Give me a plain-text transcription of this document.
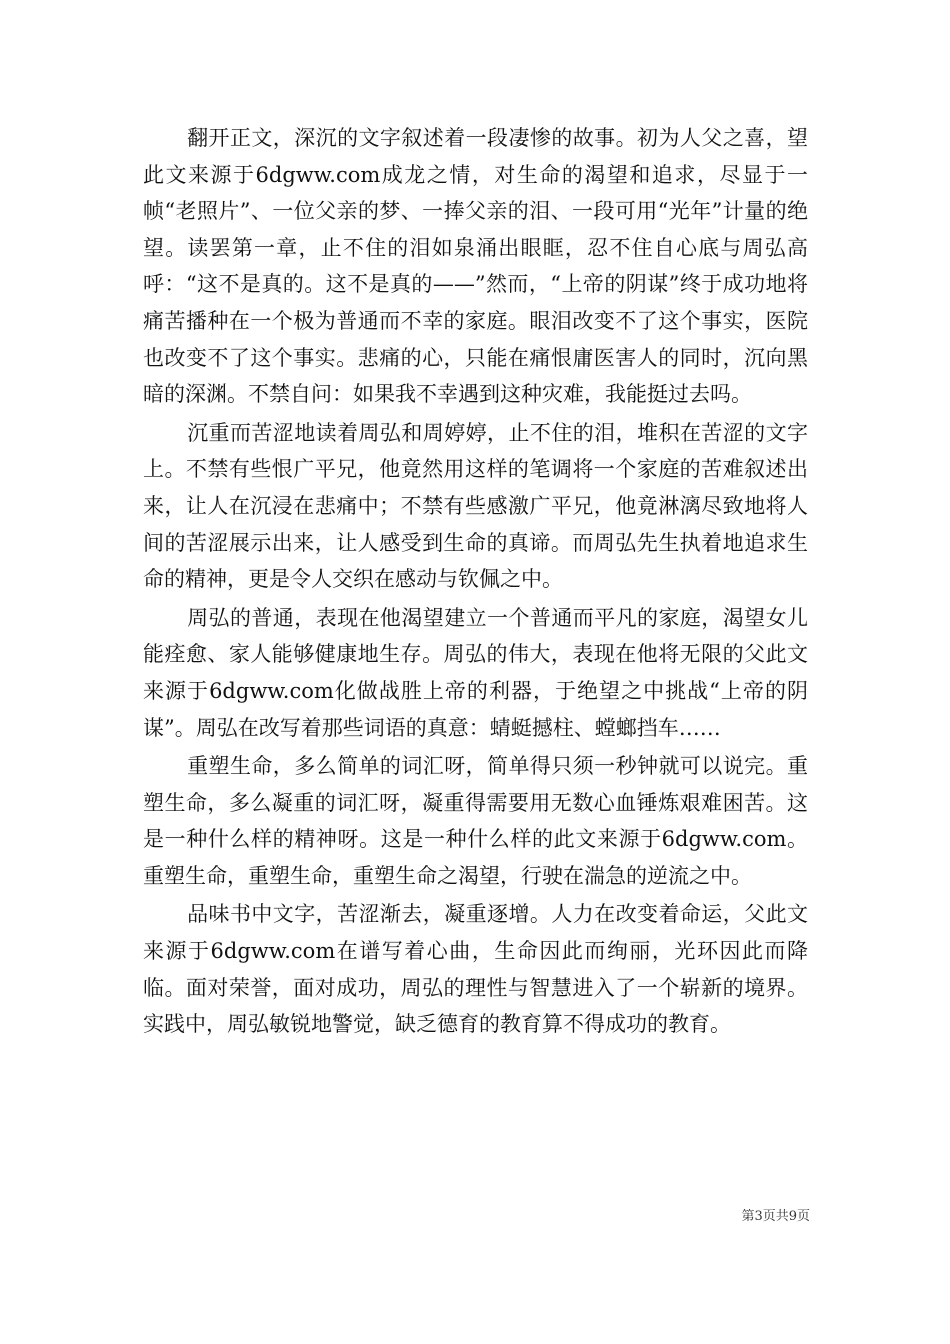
翻开正文，深沉的文字叙述着一段凄惨的故事。初为人父之喜，望此文来源于6dgww.com成龙之情，对生命的渴望和追求，尽显于一帧“老照片”、一位父亲的梦、一捧父亲的泪、一段可用“光年”计量的绝望。读罢第一章，止不住的泪如泉涌出眼眶，忍不住自心底与周弘高呼：“这不是真的。这不是真的——”然而，“上帝的阴谋”终于成功地将痛苦播种在一个极为普通而不幸的家庭。眼泪改变不了这个事实，医院也改变不了这个事实。悲痛的心，只能在痛恨庸医害人的同时，沉向黑暗的深渊。不禁自问：如果我不幸遇到这种灾难，我能挺过去吗。

沉重而苦涩地读着周弘和周婷婷，止不住的泪，堆积在苦涩的文字上。不禁有些恨广平兄，他竟然用这样的笔调将一个家庭的苦难叙述出来，让人在沉浸在悲痛中；不禁有些感激广平兄，他竟淋漓尽致地将人间的苦涩展示出来，让人感受到生命的真谛。而周弘先生执着地追求生命的精神，更是令人交织在感动与钦佩之中。

周弘的普通，表现在他渴望建立一个普通而平凡的家庭，渴望女儿能痊愈、家人能够健康地生存。周弘的伟大，表现在他将无限的父此文来源于6dgww.com化做战胜上帝的利器，于绝望之中挑战“上帝的阴谋”。周弘在改写着那些词语的真意：蜻蜓撼柱、螳螂挡车……

重塑生命，多么简单的词汇呀，简单得只须一秒钟就可以说完。重塑生命，多么凝重的词汇呀，凝重得需要用无数心血锤炼艰难困苦。这是一种什么样的精神呀。这是一种什么样的此文来源于6dgww.com。重塑生命，重塑生命，重塑生命之渴望，行驶在湍急的逆流之中。

品味书中文字，苦涩渐去，凝重逐增。人力在改变着命运，父此文来源于6dgww.com在谱写着心曲，生命因此而绚丽，光环因此而降临。面对荣誉，面对成功，周弘的理性与智慧进入了一个崭新的境界。实践中，周弘敏锐地警觉，缺乏德育的教育算不得成功的教育。

第3页共9页
